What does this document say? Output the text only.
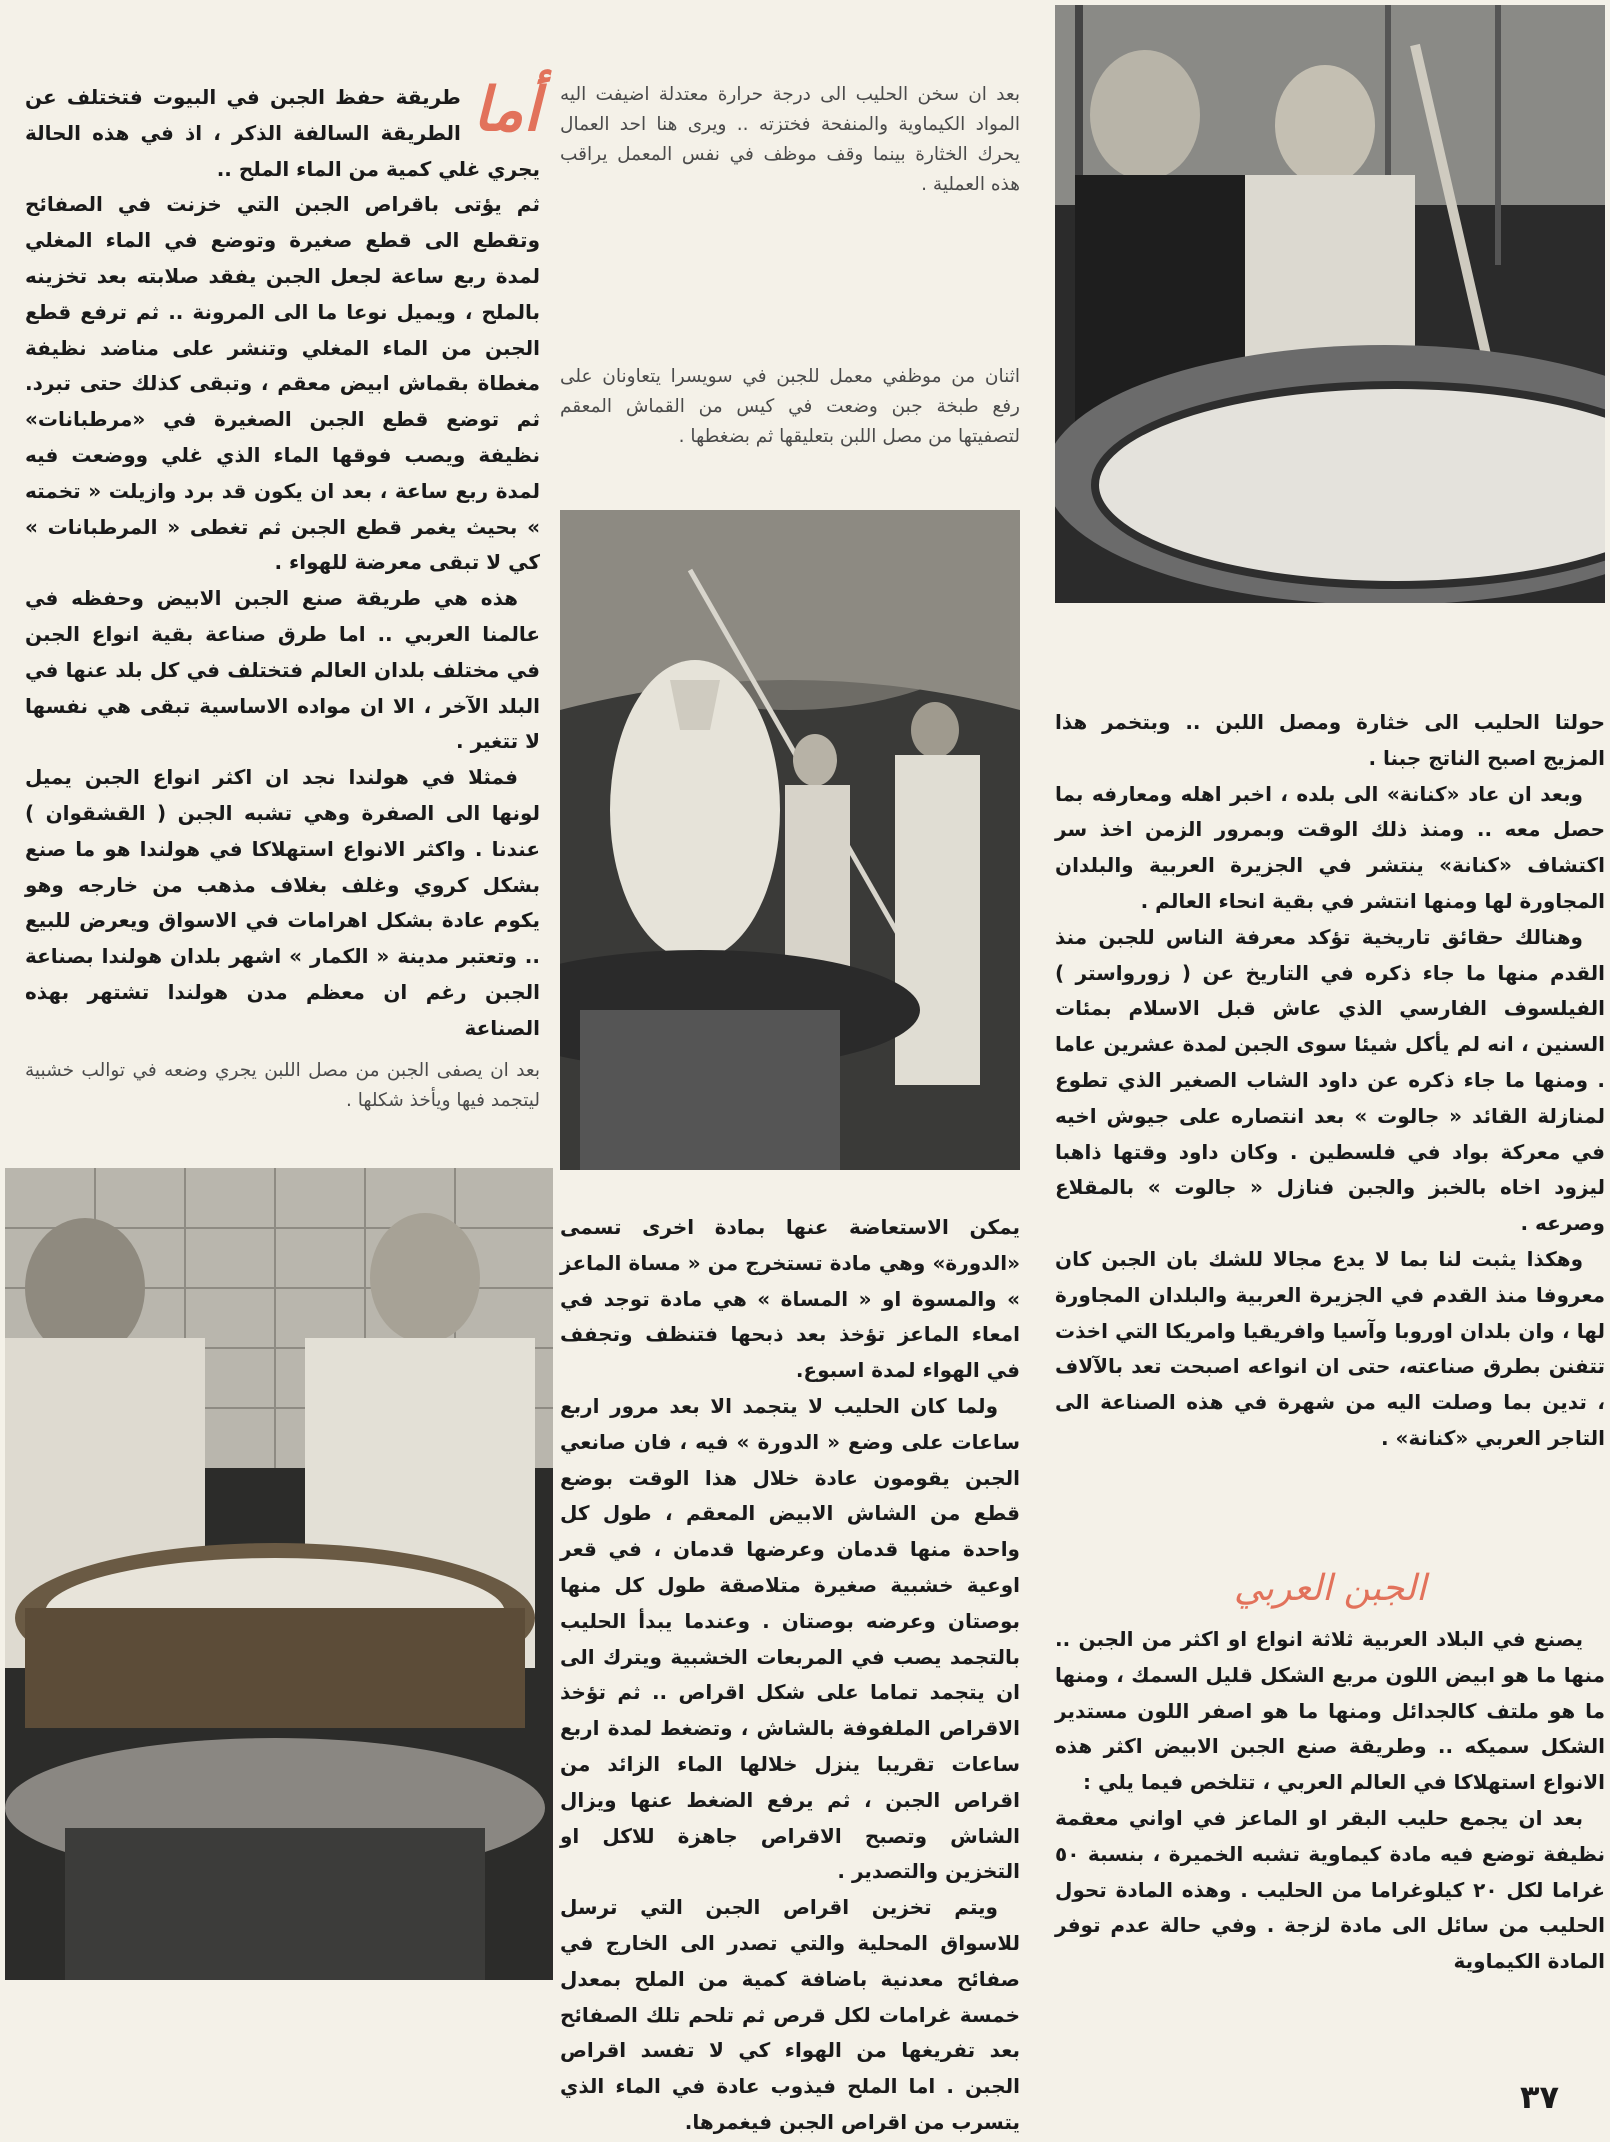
بعد ان سخن الحليب الى درجة حرارة معتدلة اضيفت اليه المواد الكيماوية والمنفحة فختزته .. ويرى هنا احد العمال يحرك الخثارة بينما وقف موظف في نفس المعمل يراقب هذه العملية .

اثنان من موظفي معمل للجبن في سويسرا يتعاونان على رفع طبخة جبن وضعت في كيس من القماش المعقم لتصفيتها من مصل اللبن بتعليقها ثم بضغطها .

بعد ان يصفى الجبن من مصل اللبن يجري وضعه في توالب خشبية ليتجمد فيها ويأخذ شكلها .

أما
طريقة حفظ الجبن في البيوت فتختلف عن الطريقة السالفة الذكر ، اذ في هذه الحالة يجري غلي كمية من الماء الملح ..

ثم يؤتى باقراص الجبن التي خزنت في الصفائح وتقطع الى قطع صغيرة وتوضع في الماء المغلي لمدة ربع ساعة لجعل الجبن يفقد صلابته بعد تخزينه بالملح ، ويميل نوعا ما الى المرونة .. ثم ترفع قطع الجبن من الماء المغلي وتنشر على مناضد نظيفة مغطاة بقماش ابيض معقم ، وتبقى كذلك حتى تبرد. ثم توضع قطع الجبن الصغيرة في «مرطبانات» نظيفة ويصب فوقها الماء الذي غلي ووضعت فيه لمدة ربع ساعة ، بعد ان يكون قد برد وازيلت « تخمته » بحيث يغمر قطع الجبن ثم تغطى « المرطبانات » كي لا تبقى معرضة للهواء .

هذه هي طريقة صنع الجبن الابيض وحفظه في عالمنا العربي .. اما طرق صناعة بقية انواع الجبن في مختلف بلدان العالم فتختلف في كل بلد عنها في البلد الآخر ، الا ان مواده الاساسية تبقى هي نفسها لا تتغير .

فمثلا في هولندا نجد ان اكثر انواع الجبن يميل لونها الى الصفرة وهي تشبه الجبن ( القشقوان ) عندنا . واكثر الانواع استهلاكا في هولندا هو ما صنع بشكل كروي وغلف بغلاف مذهب من خارجه وهو يكوم عادة بشكل اهرامات في الاسواق ويعرض للبيع .. وتعتبر مدينة « الكمار » اشهر بلدان هولندا بصناعة الجبن رغم ان معظم مدن هولندا تشتهر بهذه الصناعة

يمكن الاستعاضة عنها بمادة اخرى تسمى «الدورة» وهي مادة تستخرج من « مساة الماعز » والمسوة او « المساة » هي مادة توجد في امعاء الماعز تؤخذ بعد ذبحها فتنظف وتجفف في الهواء لمدة اسبوع.

ولما كان الحليب لا يتجمد الا بعد مرور اربع ساعات على وضع « الدورة » فيه ، فان صانعي الجبن يقومون عادة خلال هذا الوقت بوضع قطع من الشاش الابيض المعقم ، طول كل واحدة منها قدمان وعرضها قدمان ، في قعر اوعية خشبية صغيرة متلاصقة طول كل منها بوصتان وعرضه بوصتان . وعندما يبدأ الحليب بالتجمد يصب في المربعات الخشبية ويترك الى ان يتجمد تماما على شكل اقراص .. ثم تؤخذ الاقراص الملفوفة بالشاش ، وتضغط لمدة اربع ساعات تقريبا ينزل خلالها الماء الزائد من اقراص الجبن ، ثم يرفع الضغط عنها ويزال الشاش وتصبح الاقراص جاهزة للاكل او التخزين والتصدير .

ويتم تخزين اقراص الجبن التي ترسل للاسواق المحلية والتي تصدر الى الخارج في صفائح معدنية باضافة كمية من الملح بمعدل خمسة غرامات لكل قرص ثم تلحم تلك الصفائح بعد تفريغها من الهواء كي لا تفسد اقراص الجبن . اما الملح فيذوب عادة في الماء الذي يتسرب من اقراص الجبن فيغمرها.

حولتا الحليب الى خثارة ومصل اللبن .. وبتخمر هذا المزيج اصبح الناتج جبنا .

وبعد ان عاد «كنانة» الى بلده ، اخبر اهله ومعارفه بما حصل معه .. ومنذ ذلك الوقت وبمرور الزمن اخذ سر اكتشاف «كنانة» ينتشر في الجزيرة العربية والبلدان المجاورة لها ومنها انتشر في بقية انحاء العالم .

وهنالك حقائق تاريخية تؤكد معرفة الناس للجبن منذ القدم منها ما جاء ذكره في التاريخ عن ( زورواستر ) الفيلسوف الفارسي الذي عاش قبل الاسلام بمئات السنين ، انه لم يأكل شيئا سوى الجبن لمدة عشرين عاما . ومنها ما جاء ذكره عن داود الشاب الصغير الذي تطوع لمنازلة القائد « جالوت » بعد انتصاره على جيوش اخيه في معركة بواد في فلسطين . وكان داود وقتها ذاهبا ليزود اخاه بالخبز والجبن فنازل « جالوت » بالمقلاع وصرعه .

وهكذا يثبت لنا بما لا يدع مجالا للشك بان الجبن كان معروفا منذ القدم في الجزيرة العربية والبلدان المجاورة لها ، وان بلدان اوروبا وآسيا وافريقيا وامريكا التي اخذت تتفنن بطرق صناعته، حتى ان انواعه اصبحت تعد بالآلاف ، تدين بما وصلت اليه من شهرة في هذه الصناعة الى التاجر العربي «كنانة» .

الجبن العربي

يصنع في البلاد العربية ثلاثة انواع او اكثر من الجبن .. منها ما هو ابيض اللون مربع الشكل قليل السمك ، ومنها ما هو ملتف كالجدائل ومنها ما هو اصفر اللون مستدير الشكل سميكه .. وطريقة صنع الجبن الابيض اكثر هذه الانواع استهلاكا في العالم العربي ، تتلخص فيما يلي :

بعد ان يجمع حليب البقر او الماعز في اواني معقمة نظيفة توضع فيه مادة كيماوية تشبه الخميرة ، بنسبة ٥٠ غراما لكل ٢٠ كيلوغراما من الحليب . وهذه المادة تحول الحليب من سائل الى مادة لزجة . وفي حالة عدم توفر المادة الكيماوية

٣٧
